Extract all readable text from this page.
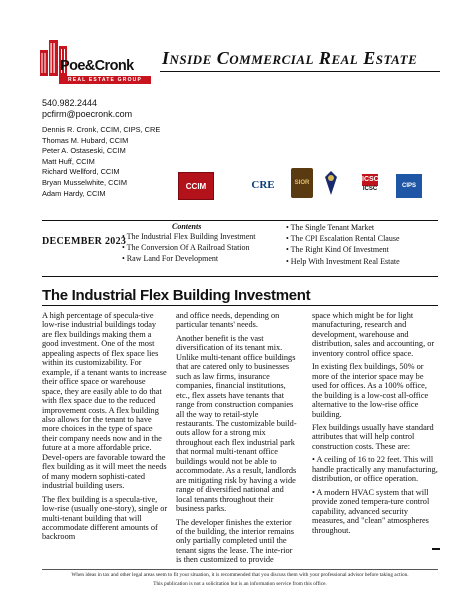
Poe&Cronk
REAL ESTATE GROUP
Inside Commercial Real Estate
540.982.2444
pcfirm@poecronk.com
Dennis R. Cronk, CCIM, CIPS, CRE
Thomas M. Hubard, CCIM
Peter A. Ostaseski, CCIM
Matt Huff, CCIM
Richard Wellford, CCIM
Bryan Musselwhite, CCIM
Adam Hardy, CCIM
CCIM	CRE	SIOR	ICSC
ICSC	CIPS
DECEMBER 2023
Contents
• The Industrial Flex Building Investment
• The Conversion Of A Railroad Station
• Raw Land For Development
• The Single Tenant Market
• The CPI Escalation Rental Clause
• The Right Kind Of Investment
• Help With Investment Real Estate
The Industrial Flex Building Investment

A high percentage of specula-tive low-rise industrial buildings today are flex buildings making them a good investment. One of the most appealing aspects of flex space lies within its customizability. For example, if a tenant wants to increase their office space or warehouse space, they are easily able to do that with flex space due to the reduced improvement costs. A flex building also allows for the tenant to have more choices in the type of space their company needs now and in the future at a more affordable price. Devel-opers are favorable toward the flex building as it will meet the needs of many modern sophisti-cated industrial building users.

The flex building is a specula-tive, low-rise (usually one-story), single or multi-tenant building that will accommodate different amounts of backroom

and office needs, depending on particular tenants' needs.

Another benefit is the vast diversification of its tenant mix. Unlike multi-tenant office buildings that are catered only to businesses such as law firms, insurance companies, financial institutions, etc., flex assets have tenants that range from construction companies all the way to retail-style restaurants. The customizable build-outs allow for a strong mix throughout each flex industrial park that normal multi-tenant office buildings would not be able to accommodate. As a result, landlords are mitigating risk by having a wide range of diversified national and local tenants throughout their business parks.

The developer finishes the exterior of the building, the interior remains only partially completed until the tenant signs the lease. The inte-rior is then customized to provide

space which might be for light manufacturing, research and development, warehouse and distribution, sales and accounting, or inventory control office space.

In existing flex buildings, 50% or more of the interior space may be used for offices. As a 100% office, the building is a low-cost all-office alternative to the low-rise office building.

Flex buildings usually have standard attributes that will help control construction costs. These are:

• A ceiling of 16 to 22 feet. This will handle practically any manufacturing, distribution, or office operation.

• A modern HVAC system that will provide zoned tempera-ture control capability, advanced security measures, and "clean" atmospheres throughout.

When ideas in tax and other legal areas seem to fit your situation, it is recommended that you discuss them with your professional advisor before taking action.
This publication is not a solicitation but is an information service from this office.
